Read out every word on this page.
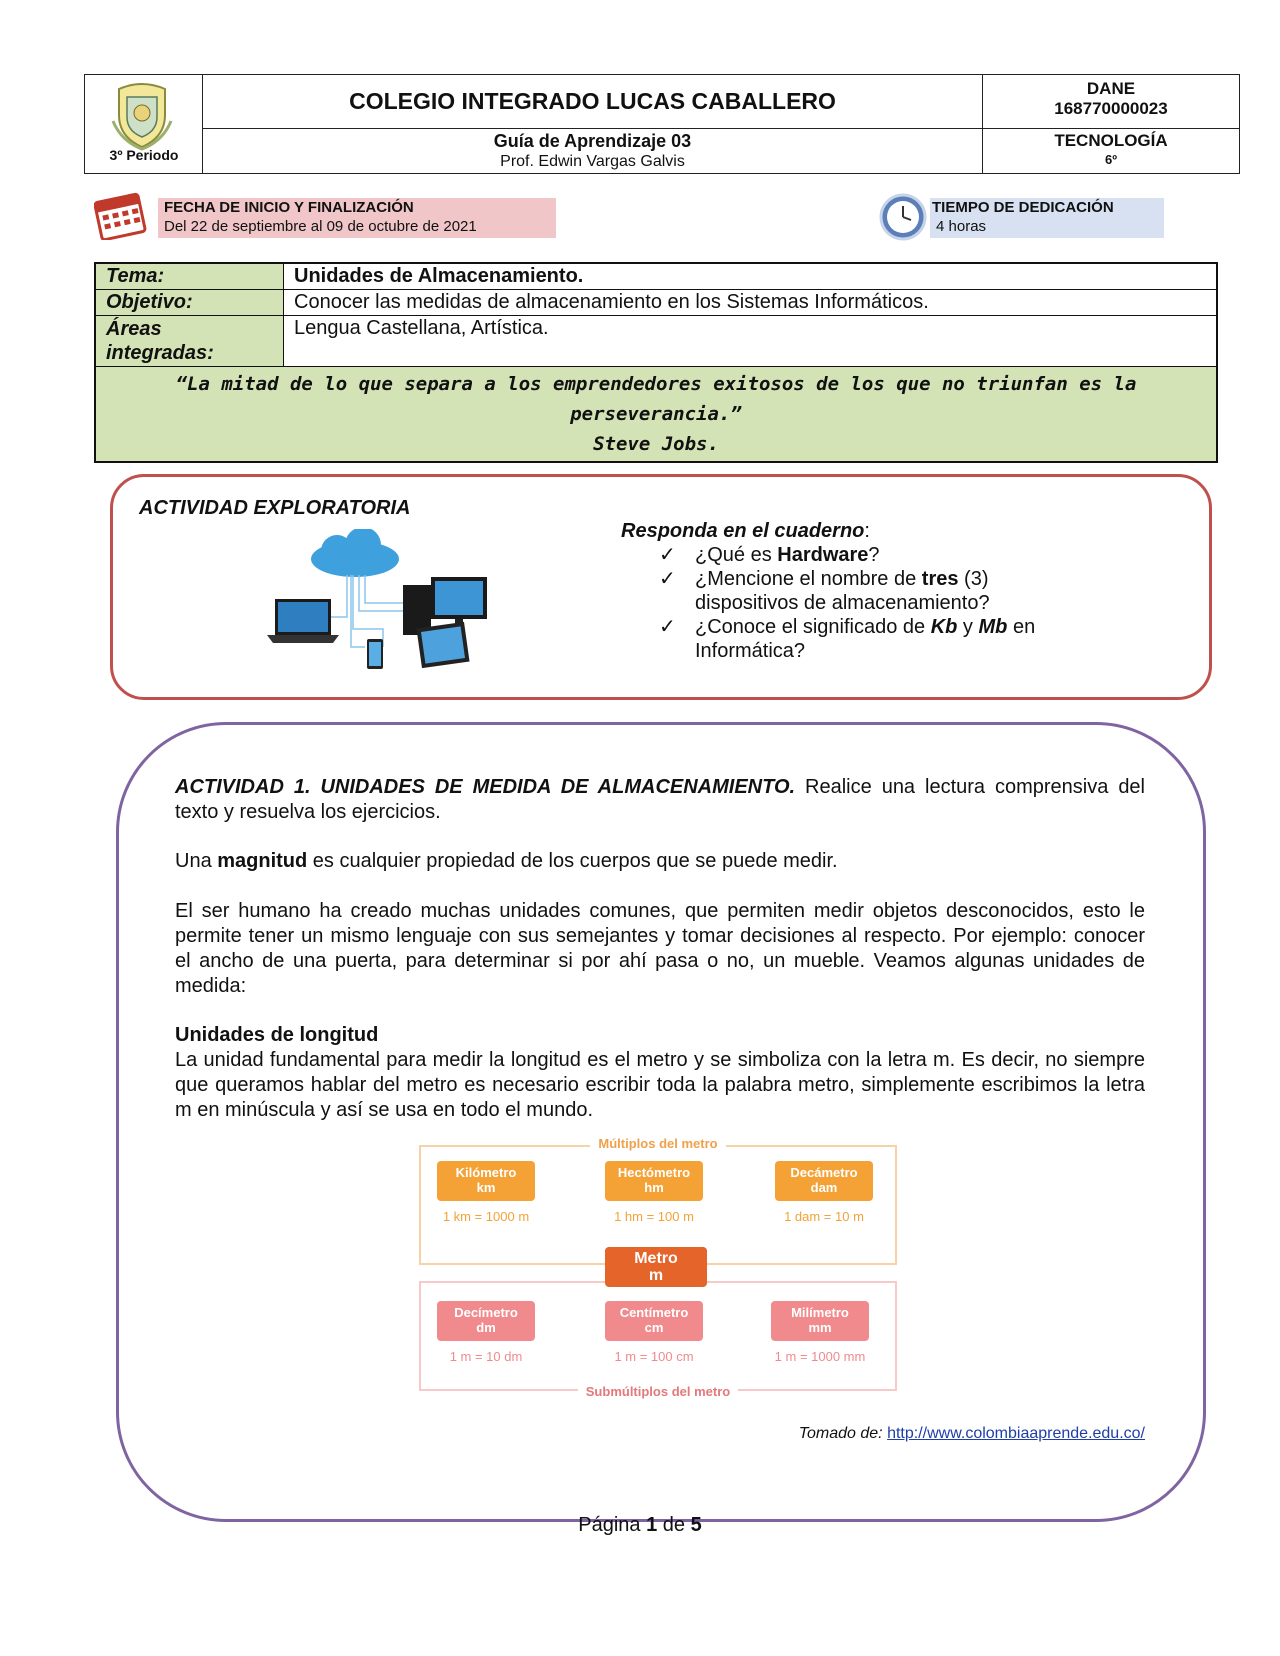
3º Periodo
COLEGIO INTEGRADO LUCAS CABALLERO
Guía de Aprendizaje 03
Prof. Edwin Vargas Galvis
DANE
168770000023
TECNOLOGÍA
6º
FECHA DE INICIO Y FINALIZACIÓN
Del 22 de septiembre al 09 de octubre de 2021
TIEMPO DE DEDICACIÓN
4 horas
Tema:	Unidades de Almacenamiento.
Objetivo:	Conocer las medidas de almacenamiento en los Sistemas Informáticos.
Áreas
integradas:
Lengua Castellana, Artística.
“La mitad de lo que separa a los emprendedores exitosos de los que no triunfan es la perseverancia.”
Steve Jobs.
ACTIVIDAD EXPLORATORIA
Responda en el cuaderno:
✓ ¿Qué es Hardware?
✓ ¿Mencione el nombre de tres (3) dispositivos de almacenamiento?
✓ ¿Conoce el significado de Kb y Mb en Informática?
ACTIVIDAD 1. UNIDADES DE MEDIDA DE ALMACENAMIENTO. Realice una lectura comprensiva del texto y resuelva los ejercicios.
Una magnitud es cualquier propiedad de los cuerpos que se puede medir.
El ser humano ha creado muchas unidades comunes, que permiten medir objetos desconocidos, esto le permite tener un mismo lenguaje con sus semejantes y tomar decisiones al respecto. Por ejemplo: conocer el ancho de una puerta, para determinar si por ahí pasa o no, un mueble. Veamos algunas unidades de medida:
Unidades de longitud
La unidad fundamental para medir la longitud es el metro y se simboliza con la letra m. Es decir, no siempre que queramos hablar del metro es necesario escribir toda la palabra metro, simplemente escribimos la letra m en minúscula y así se usa en todo el mundo.
Múltiplos del metro
Submúltiplos del metro
Kilómetro
km
1 km = 1000 m
Hectómetro
hm
1 hm = 100 m
Decámetro
dam
1 dam = 10 m
Metro
m
Decímetro
dm
1 m = 10 dm
Centímetro
cm
1 m = 100 cm
Milímetro
mm
1 m = 1000 mm
Tomado de: http://www.colombiaaprende.edu.co/
Página 1 de 5
